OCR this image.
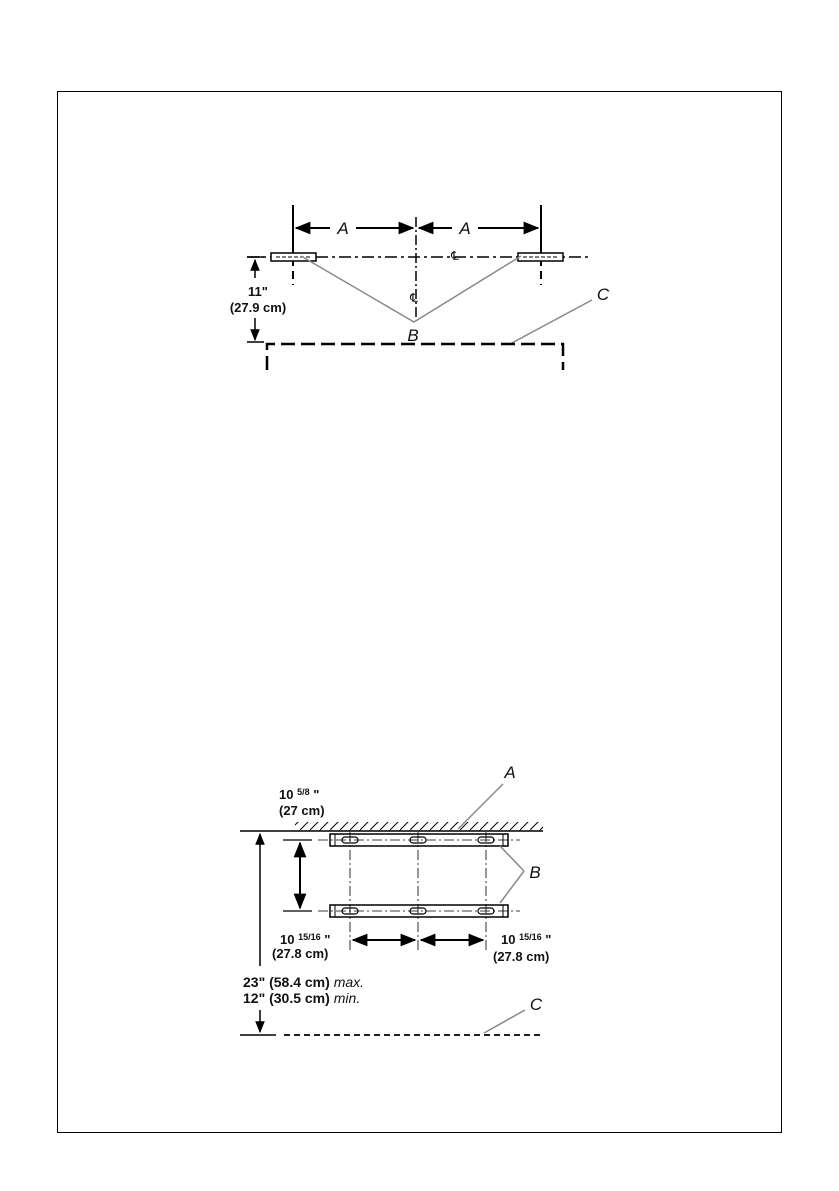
A	A
℄
℄
B
C
11"
(27.9 cm)
A
10 $^{5/8}$ "
(27 cm)
B
10 $^{15/16}$ "
(27.8 cm)
10 $^{15/16}$ "
(27.8 cm)
23" (58.4 cm) max.
12" (30.5 cm) min.	C
